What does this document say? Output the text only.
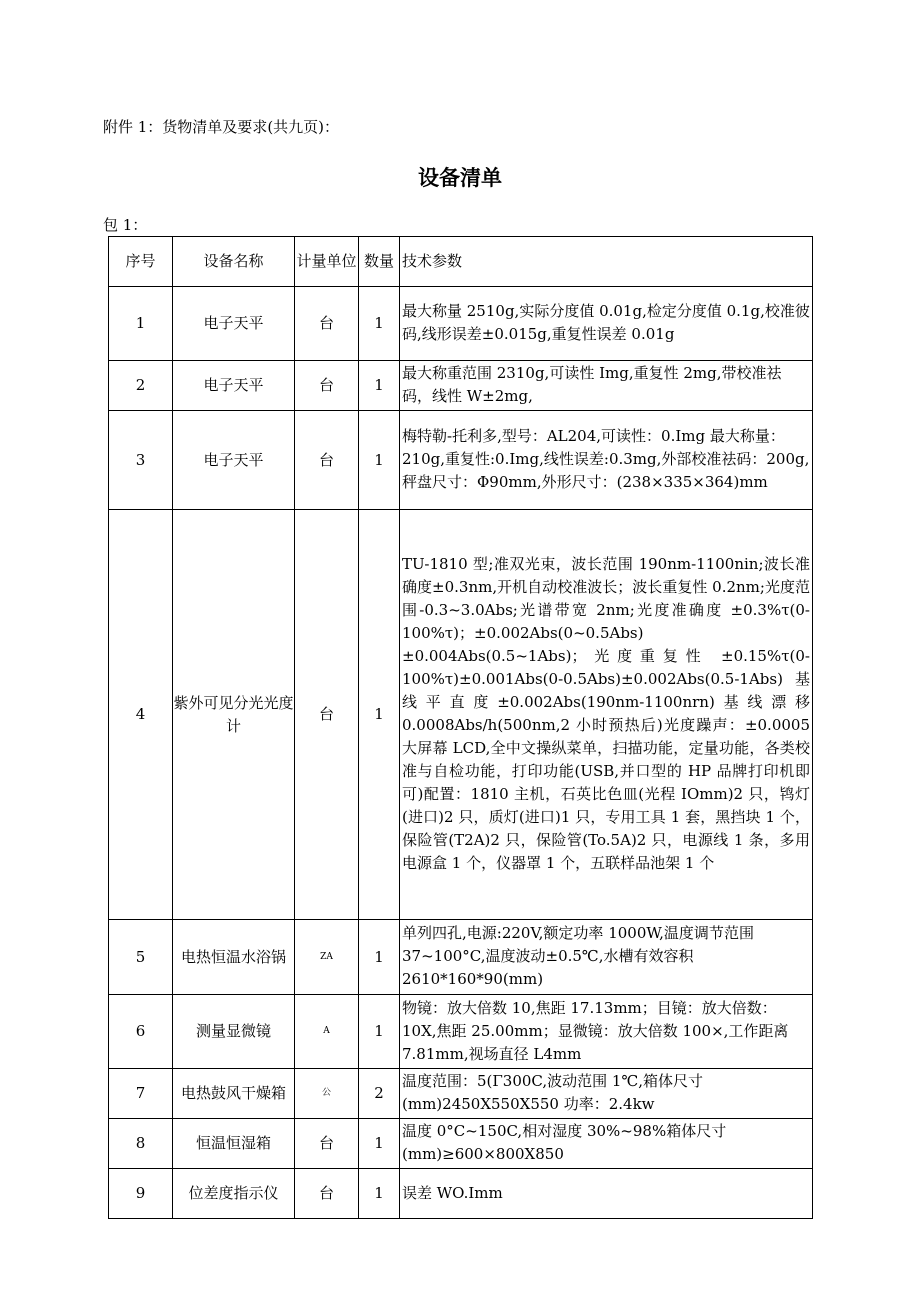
附件 1：货物清单及要求(共九页)：
设备清单
包 1：
序号	设备名称	计量单位	数量	技术参数
1	电子天平	台	1	最大称量 2510g,实际分度值 0.01g,检定分度值 0.1g,校准彼码,线形误差±0.015g,重复性误差 0.01g
2	电子天平	台	1	最大称重范围 2310g,可读性 Img,重复性 2mg,带校准祛码，线性 W±2mg,
3	电子天平	台	1	梅特勒-托利多,型号：AL204,可读性：0.Img 最大称量：210g,重复性:0.Img,线性误差:0.3mg,外部校准祛码：200g,秤盘尺寸：Φ90mm,外形尺寸：(238×335×364)mm
4	紫外可见分光光度计	台	1	TU-1810 型;准双光束，波长范围 190nm-1100nin;波长准确度±0.3nm,开机自动校准波长；波长重复性 0.2nm;光度范围-0.3~3.0Abs;光谱带宽 2nm;光度准确度 ±0.3%τ(0-100%τ)；±0.002Abs(0~0.5Abs)±0.004Abs(0.5~1Abs)；光度重复性 ±0.15%τ(0-100%τ)±0.001Abs(0-0.5Abs)±0.002Abs(0.5-1Abs)基线平直度±0.002Abs(190nm-1100nrn)基线漂移 0.0008Abs/h(500nm,2 小时预热后)光度躁声：±0.0005 大屏幕 LCD,全中文操纵菜单，扫描功能，定量功能，各类校准与自检功能，打印功能(USB,并口型的 HP 品牌打印机即可)配置：1810 主机，石英比色皿(光程 IOmm)2 只，鸨灯(进口)2 只，质灯(进口)1 只，专用工具 1 套，黑挡块 1 个，保险管(T2A)2 只，保险管(To.5A)2 只，电源线 1 条，多用电源盒 1 个，仪器罩 1 个，五联样品池架 1 个
5	电热恒温水浴锅	ZA	1	单列四孔,电源:220V,额定功率 1000W,温度调节范围 37~100°C,温度波动±0.5℃,水槽有效容积 2610*160*90(mm)
6	测量显微镜	A	1	物镜：放大倍数 10,焦距 17.13mm；目镜：放大倍数：10X,焦距 25.00mm；显微镜：放大倍数 100×,工作距离 7.81mm,视场直径 L4mm
7	电热鼓风干燥箱	公	2	温度范围：5(Γ300C,波动范围 1℃,箱体尺寸(mm)2450X550X550 功率：2.4kw
8	恒温恒湿箱	台	1	温度 0°C~150C,相对湿度 30%~98%箱体尺寸(mm)≥600×800X850
9	位差度指示仪	台	1	误差 WO.Imm
